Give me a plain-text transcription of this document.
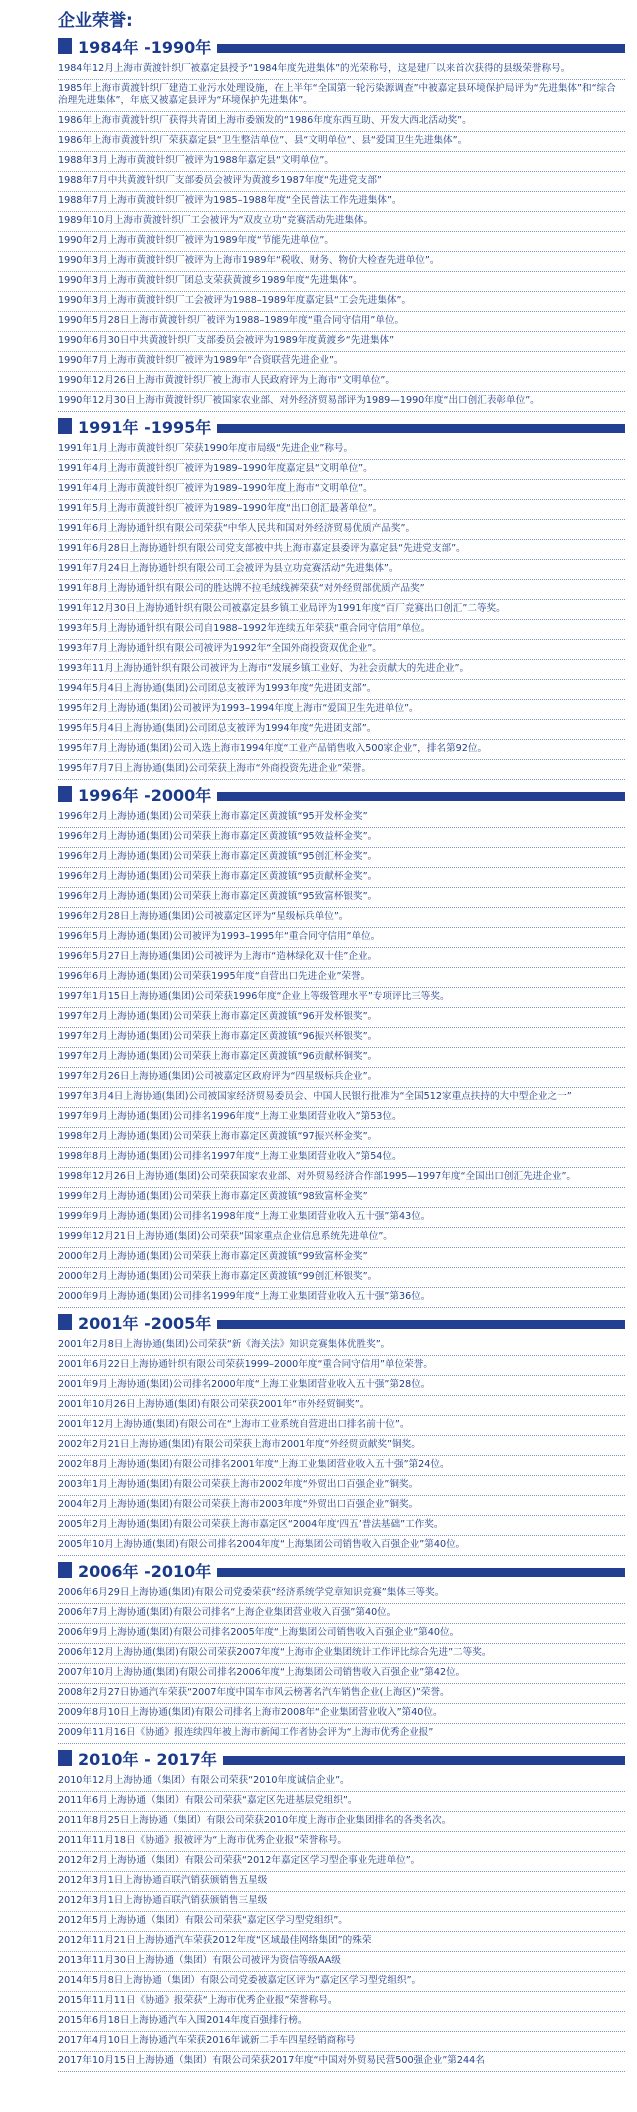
企业荣誉:
1984年 -1990年
1984年12月上海市黄渡针织厂被嘉定县授予“1984年度先进集体”的光荣称号，这是建厂以来首次获得的县级荣誉称号。
1985年上海市黄渡针织厂建造工业污水处理设施，在上半年“全国第一轮污染源调查”中被嘉定县环境保护局评为“先进集体”和“综合治理先进集体”，年底又被嘉定县评为“环境保护先进集体”。
1986年上海市黄渡针织厂获得共青团上海市委颁发的“1986年度东西互助、开发大西北活动奖”。
1986年上海市黄渡针织厂荣获嘉定县“卫生整洁单位”、县“文明单位”、县“爱国卫生先进集体”。
1988年3月上海市黄渡针织厂被评为1988年嘉定县“文明单位”。
1988年7月中共黄渡针织厂支部委员会被评为黄渡乡1987年度“先进党支部”
1988年7月上海市黄渡针织厂被评为1985–1988年度“全民普法工作先进集体”。
1989年10月上海市黄渡针织厂工会被评为“双皮立功”竞赛活动先进集体。
1990年2月上海市黄渡针织厂被评为1989年度“节能先进单位”。
1990年3月上海市黄渡针织厂被评为上海市1989年“税收、财务、物价大检查先进单位”。
1990年3月上海市黄渡针织厂团总支荣获黄渡乡1989年度“先进集体”。
1990年3月上海市黄渡针织厂工会被评为1988–1989年度嘉定县“工会先进集体”。
1990年5月28日上海市黄渡针织厂被评为1988–1989年度“重合同守信用”单位。
1990年6月30日中共黄渡针织厂支部委员会被评为1989年度黄渡乡“先进集体”
1990年7月上海市黄渡针织厂被评为1989年“合资联营先进企业”。
1990年12月26日上海市黄渡针织厂被上海市人民政府评为上海市“文明单位”。
1990年12月30日上海市黄渡针织厂被国家农业部、对外经济贸易部评为1989—1990年度“出口创汇表彰单位”。
1991年 -1995年
1991年1月上海市黄渡针织厂荣获1990年度市局级“先进企业”称号。
1991年4月上海市黄渡针织厂被评为1989–1990年度嘉定县“文明单位”。
1991年4月上海市黄渡针织厂被评为1989–1990年度上海市“文明单位”。
1991年5月上海市黄渡针织厂被评为1989–1990年度“出口创汇最著单位”。
1991年6月上海协通针织有限公司荣获“中华人民共和国对外经济贸易优质产品奖”。
1991年6月28日上海协通针织有限公司党支部被中共上海市嘉定县委评为嘉定县“先进党支部”。
1991年7月24日上海协通针织有限公司工会被评为县立功竞赛活动“先进集体”。
1991年8月上海协通针织有限公司的胜达牌不拉毛绒线裤荣获“对外经贸部优质产品奖”
1991年12月30日上海协通针织有限公司被嘉定县乡镇工业局评为1991年度“百厂竞赛出口创汇”二等奖。
1993年5月上海协通针织有限公司自1988–1992年连续五年荣获“重合同守信用”单位。
1993年7月上海协通针织有限公司被评为1992年“全国外商投资双优企业”。
1993年11月上海协通针织有限公司被评为上海市“发展乡镇工业好、为社会贡献大的先进企业”。
1994年5月4日上海协通(集团)公司团总支被评为1993年度“先进团支部”。
1995年2月上海协通(集团)公司被评为1993–1994年度上海市“爱国卫生先进单位”。
1995年5月4日上海协通(集团)公司团总支被评为1994年度“先进团支部”。
1995年7月上海协通(集团)公司入选上海市1994年度“工业产品销售收入500家企业”，排名第92位。
1995年7月7日上海协通(集团)公司荣获上海市“外商投资先进企业”荣誉。
1996年 -2000年
1996年2月上海协通(集团)公司荣获上海市嘉定区黄渡镇“95开发杯金奖”
1996年2月上海协通(集团)公司荣获上海市嘉定区黄渡镇“95效益杯金奖”。
1996年2月上海协通(集团)公司荣获上海市嘉定区黄渡镇“95创汇杯金奖”。
1996年2月上海协通(集团)公司荣获上海市嘉定区黄渡镇“95贡献杯金奖”。
1996年2月上海协通(集团)公司荣获上海市嘉定区黄渡镇“95致富杯银奖”。
1996年2月28日上海协通(集团)公司被嘉定区评为“星级标兵单位”。
1996年5月上海协通(集团)公司被评为1993–1995年“重合同守信用”单位。
1996年5月27日上海协通(集团)公司被评为上海市“造林绿化双十佳”企业。
1996年6月上海协通(集团)公司荣获1995年度“自营出口先进企业”荣誉。
1997年1月15日上海协通(集团)公司荣获1996年度“企业上等级管理水平”专项评比三等奖。
1997年2月上海协通(集团)公司荣获上海市嘉定区黄渡镇“96开发杯银奖”。
1997年2月上海协通(集团)公司荣获上海市嘉定区黄渡镇“96振兴杯银奖”。
1997年2月上海协通(集团)公司荣获上海市嘉定区黄渡镇“96贡献杯铜奖”。
1997年2月26日上海协通(集团)公司被嘉定区政府评为“四星级标兵企业”。
1997年3月4日上海协通(集团)公司被国家经济贸易委员会、中国人民银行批准为“全国512家重点扶持的大中型企业之一”
1997年9月上海协通(集团)公司排名1996年度“上海工业集团营业收入”第53位。
1998年2月上海协通(集团)公司荣获上海市嘉定区黄渡镇“97振兴杯金奖”。
1998年8月上海协通(集团)公司排名1997年度“上海工业集团营业收入”第54位。
1998年12月26日上海协通(集团)公司荣获国家农业部、对外贸易经济合作部1995—1997年度“全国出口创汇先进企业”。
1999年2月上海协通(集团)公司荣获上海市嘉定区黄渡镇“98致富杯金奖”
1999年9月上海协通(集团)公司排名1998年度“上海工业集团营业收入五十强”第43位。
1999年12月21日上海协通(集团)公司荣获“国家重点企业信息系统先进单位”。
2000年2月上海协通(集团)公司荣获上海市嘉定区黄渡镇“99致富杯金奖”
2000年2月上海协通(集团)公司荣获上海市嘉定区黄渡镇“99创汇杯银奖”。
2000年9月上海协通(集团)公司排名1999年度“上海工业集团营业收入五十强”第36位。
2001年 -2005年
2001年2月8日上海协通(集团)公司荣获“新《海关法》知识竞赛集体优胜奖”。
2001年6月22日上海协通针织有限公司荣获1999–2000年度“重合同守信用”单位荣誉。
2001年9月上海协通(集团)公司排名2000年度“上海工业集团营业收入五十强”第28位。
2001年10月26日上海协通(集团)有限公司荣获2001年“市外经贸铜奖”。
2001年12月上海协通(集团)有限公司在“上海市工业系统自营进出口排名前十位”。
2002年2月21日上海协通(集团)有限公司荣获上海市2001年度“外经贸贡献奖”铜奖。
2002年8月上海协通(集团)有限公司排名2001年度“上海工业集团营业收入五十强”第24位。
2003年1月上海协通(集团)有限公司荣获上海市2002年度“外贸出口百强企业”铜奖。
2004年2月上海协通(集团)有限公司荣获上海市2003年度“外贸出口百强企业”铜奖。
2005年2月上海协通(集团)有限公司荣获上海市嘉定区“2004年度‘四五’普法基础”工作奖。
2005年10月上海协通(集团)有限公司排名2004年度“上海集团公司销售收入百强企业”第40位。
2006年 -2010年
2006年6月29日上海协通(集团)有限公司党委荣获“经济系统学党章知识竞赛”集体三等奖。
2006年7月上海协通(集团)有限公司排名“上海企业集团营业收入百强”第40位。
2006年9月上海协通(集团)有限公司排名2005年度“上海集团公司销售收入百强企业”第40位。
2006年12月上海协通(集团)有限公司荣获2007年度“上海市企业集团统计工作评比综合先进”二等奖。
2007年10月上海协通(集团)有限公司排名2006年度“上海集团公司销售收入百强企业”第42位。
2008年2月27日协通汽车荣获“2007年度中国车市风云榜著名汽车销售企业(上海区)”荣誉。
2009年8月10日上海协通(集团)有限公司排名上海市2008年“企业集团营业收入”第40位。
2009年11月16日《协通》报连续四年被上海市新闻工作者协会评为“上海市优秀企业报”
2010年 - 2017年
2010年12月上海协通（集团）有限公司荣获“2010年度诚信企业”。
2011年6月上海协通（集团）有限公司荣获“嘉定区先进基层党组织”。
2011年8月25日上海协通（集团）有限公司荣获2010年度上海市企业集团排名的各类名次。
2011年11月18日《协通》报被评为“上海市优秀企业报”荣誉称号。
2012年2月上海协通（集团）有限公司荣获“2012年嘉定区学习型企事业先进单位”。
2012年3月1日上海协通百联汽销获颁销售五星级
2012年3月1日上海协通百联汽销获颁销售三星级
2012年5月上海协通（集团）有限公司荣获“嘉定区学习型党组织”。
2012年11月21日上海协通汽车荣获2012年度“区域最佳网络集团”的殊荣
2013年11月30日上海协通（集团）有限公司被评为资信等级AA级
2014年5月8日上海协通（集团）有限公司党委被嘉定区评为“嘉定区学习型党组织”。
2015年11月11日《协通》报荣获“上海市优秀企业报”荣誉称号。
2015年6月18日上海协通汽车入围2014年度百强排行榜。
2017年4月10日上海协通汽车荣获2016年诚新二手车四星经销商称号
2017年10月15日上海协通（集团）有限公司荣获2017年度“中国对外贸易民营500强企业”第244名
